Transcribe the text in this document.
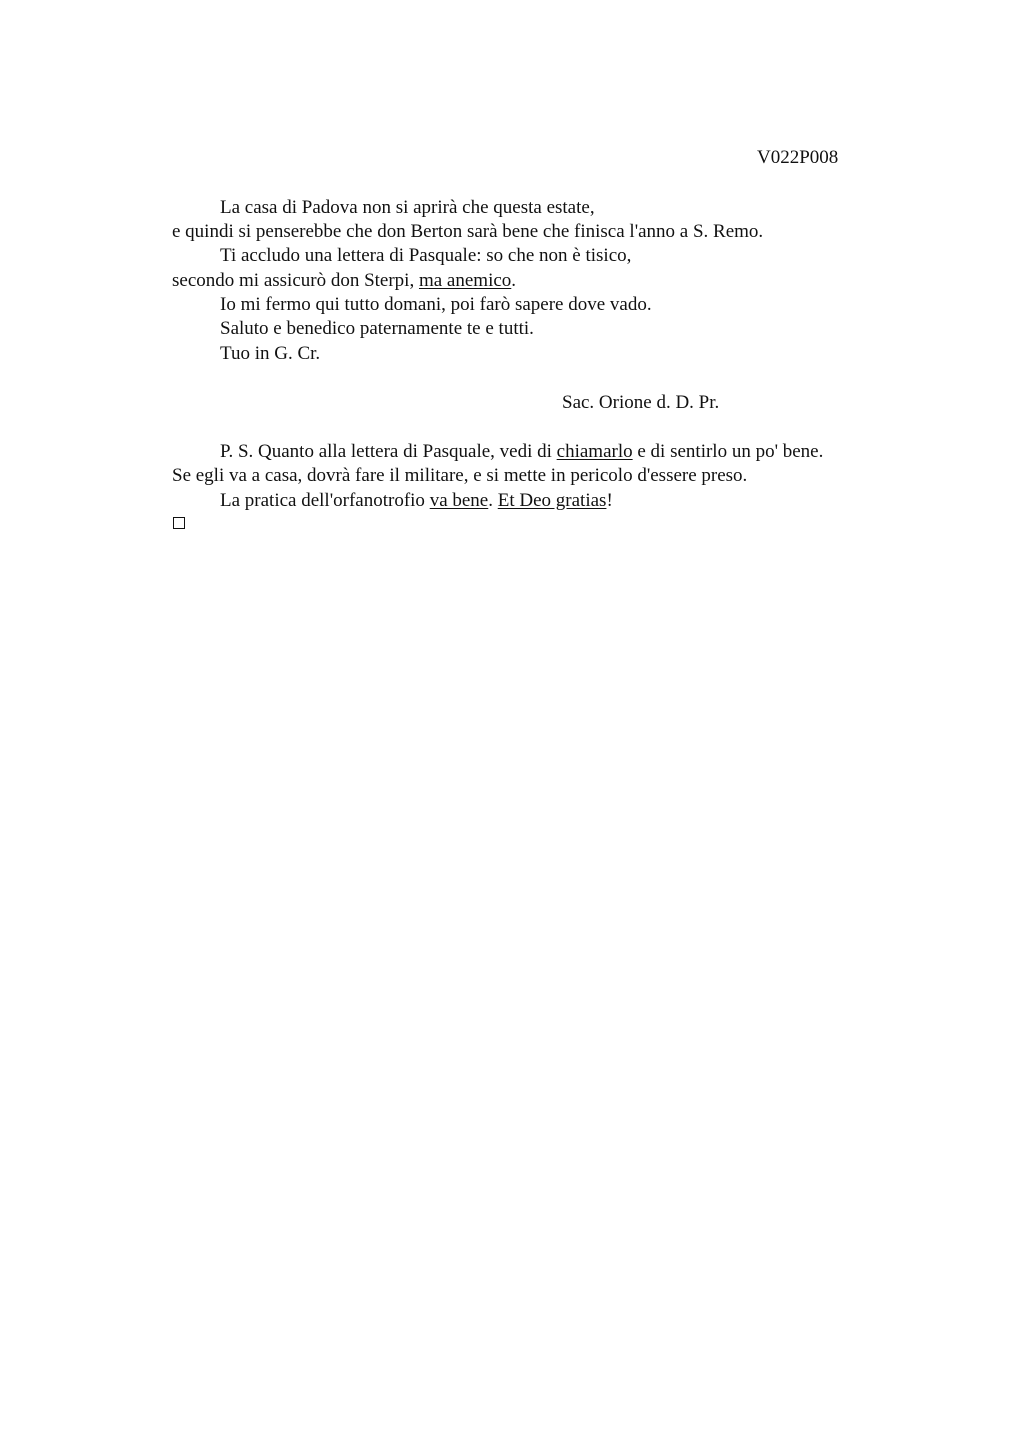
V022P008
La casa di Padova non si aprirà che questa estate,
e quindi si penserebbe che don Berton sarà bene che finisca l'anno a S. Remo.
Ti accludo una lettera di Pasquale: so che non è tisico,
secondo mi assicurò don Sterpi, ma anemico.
Io mi fermo qui tutto domani, poi farò sapere dove vado.
Saluto e benedico paternamente te e tutti.
Tuo in G. Cr.
Sac. Orione d. D. Pr.
P. S. Quanto alla lettera di Pasquale, vedi di chiamarlo e di sentirlo un po' bene.
Se egli va a casa, dovrà fare il militare, e si mette in pericolo d'essere preso.
La pratica dell'orfanotrofio va bene. Et Deo gratias!
